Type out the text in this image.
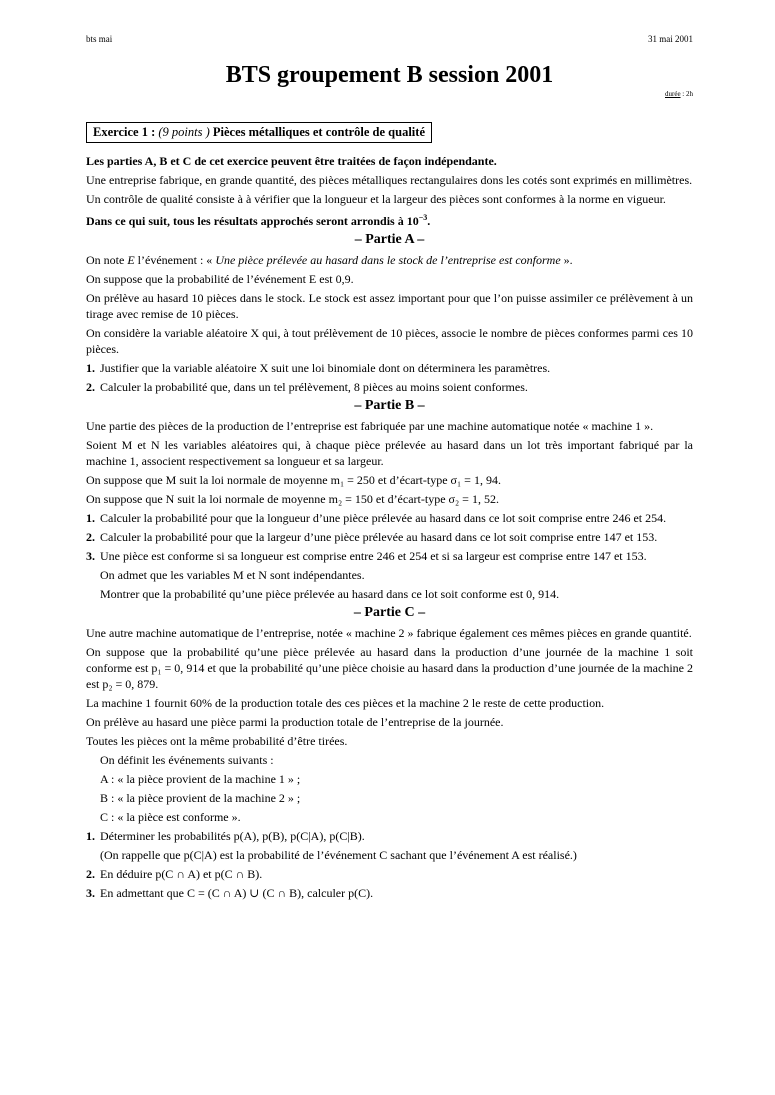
bts mai	31 mai 2001
BTS groupement B session 2001
durée : 2h
Exercice 1 : (9 points ) Pièces métalliques et contrôle de qualité

Les parties A, B et C de cet exercice peuvent être traitées de façon indépendante.

Une entreprise fabrique, en grande quantité, des pièces métalliques rectangulaires dons les cotés sont exprimés en millimètres.

Un contrôle de qualité consiste à à vérifier que la longueur et la largeur des pièces sont conformes à la norme en vigueur.

Dans ce qui suit, tous les résultats approchés seront arrondis à $10^{-3}$.

– Partie A –

On note E l’événement : « Une pièce prélevée au hasard dans le stock de l’entreprise est conforme ».

On suppose que la probabilité de l’événement E est 0,9.

On prélève au hasard 10 pièces dans le stock. Le stock est assez important pour que l’on puisse assimiler ce prélèvement à un tirage avec remise de 10 pièces.

On considère la variable aléatoire X qui, à tout prélèvement de 10 pièces, associe le nombre de pièces conformes parmi ces 10 pièces.

1. Justifier que la variable aléatoire X suit une loi binomiale dont on déterminera les paramètres.
2. Calculer la probabilité que, dans un tel prélèvement, 8 pièces au moins soient conformes.
– Partie B –

Une partie des pièces de la production de l’entreprise est fabriquée par une machine automatique notée « machine 1 ».

Soient M et N les variables aléatoires qui, à chaque pièce prélevée au hasard dans un lot très important fabriqué par la machine 1, associent respectivement sa longueur et sa largeur.

On suppose que M suit la loi normale de moyenne m₁ = 250 et d’écart-type σ₁ = 1, 94.

On suppose que N suit la loi normale de moyenne m₂ = 150 et d’écart-type σ₂ = 1, 52.

1. Calculer la probabilité pour que la longueur d’une pièce prélevée au hasard dans ce lot soit comprise entre 246 et 254.
2. Calculer la probabilité pour que la largeur d’une pièce prélevée au hasard dans ce lot soit comprise entre 147 et 153.
3. Une pièce est conforme si sa longueur est comprise entre 246 et 254 et si sa largeur est comprise entre 147 et 153.

On admet que les variables M et N sont indépendantes.

Montrer que la probabilité qu’une pièce prélevée au hasard dans ce lot soit conforme est 0, 914.

– Partie C –

Une autre machine automatique de l’entreprise, notée « machine 2 » fabrique également ces mêmes pièces en grande quantité.

On suppose que la probabilité qu’une pièce prélevée au hasard dans la production d’une journée de la machine 1 soit conforme est p₁ = 0, 914 et que la probabilité qu’une pièce choisie au hasard dans la production d’une journée de la machine 2 est p₂ = 0, 879.

La machine 1 fournit 60% de la production totale des ces pièces et la machine 2 le reste de cette production.

On prélève au hasard une pièce parmi la production totale de l’entreprise de la journée.

Toutes les pièces ont la même probabilité d’être tirées.

On définit les événements suivants :

A : « la pièce provient de la machine 1 » ;

B : « la pièce provient de la machine 2 » ;

C : « la pièce est conforme ».

1. Déterminer les probabilités p(A), p(B), p(C|A), p(C|B).

(On rappelle que p(C|A) est la probabilité de l’événement C sachant que l’événement A est réalisé.)

2. En déduire p(C ∩ A) et p(C ∩ B).
3. En admettant que C = (C ∩ A) ∪ (C ∩ B), calculer p(C).
